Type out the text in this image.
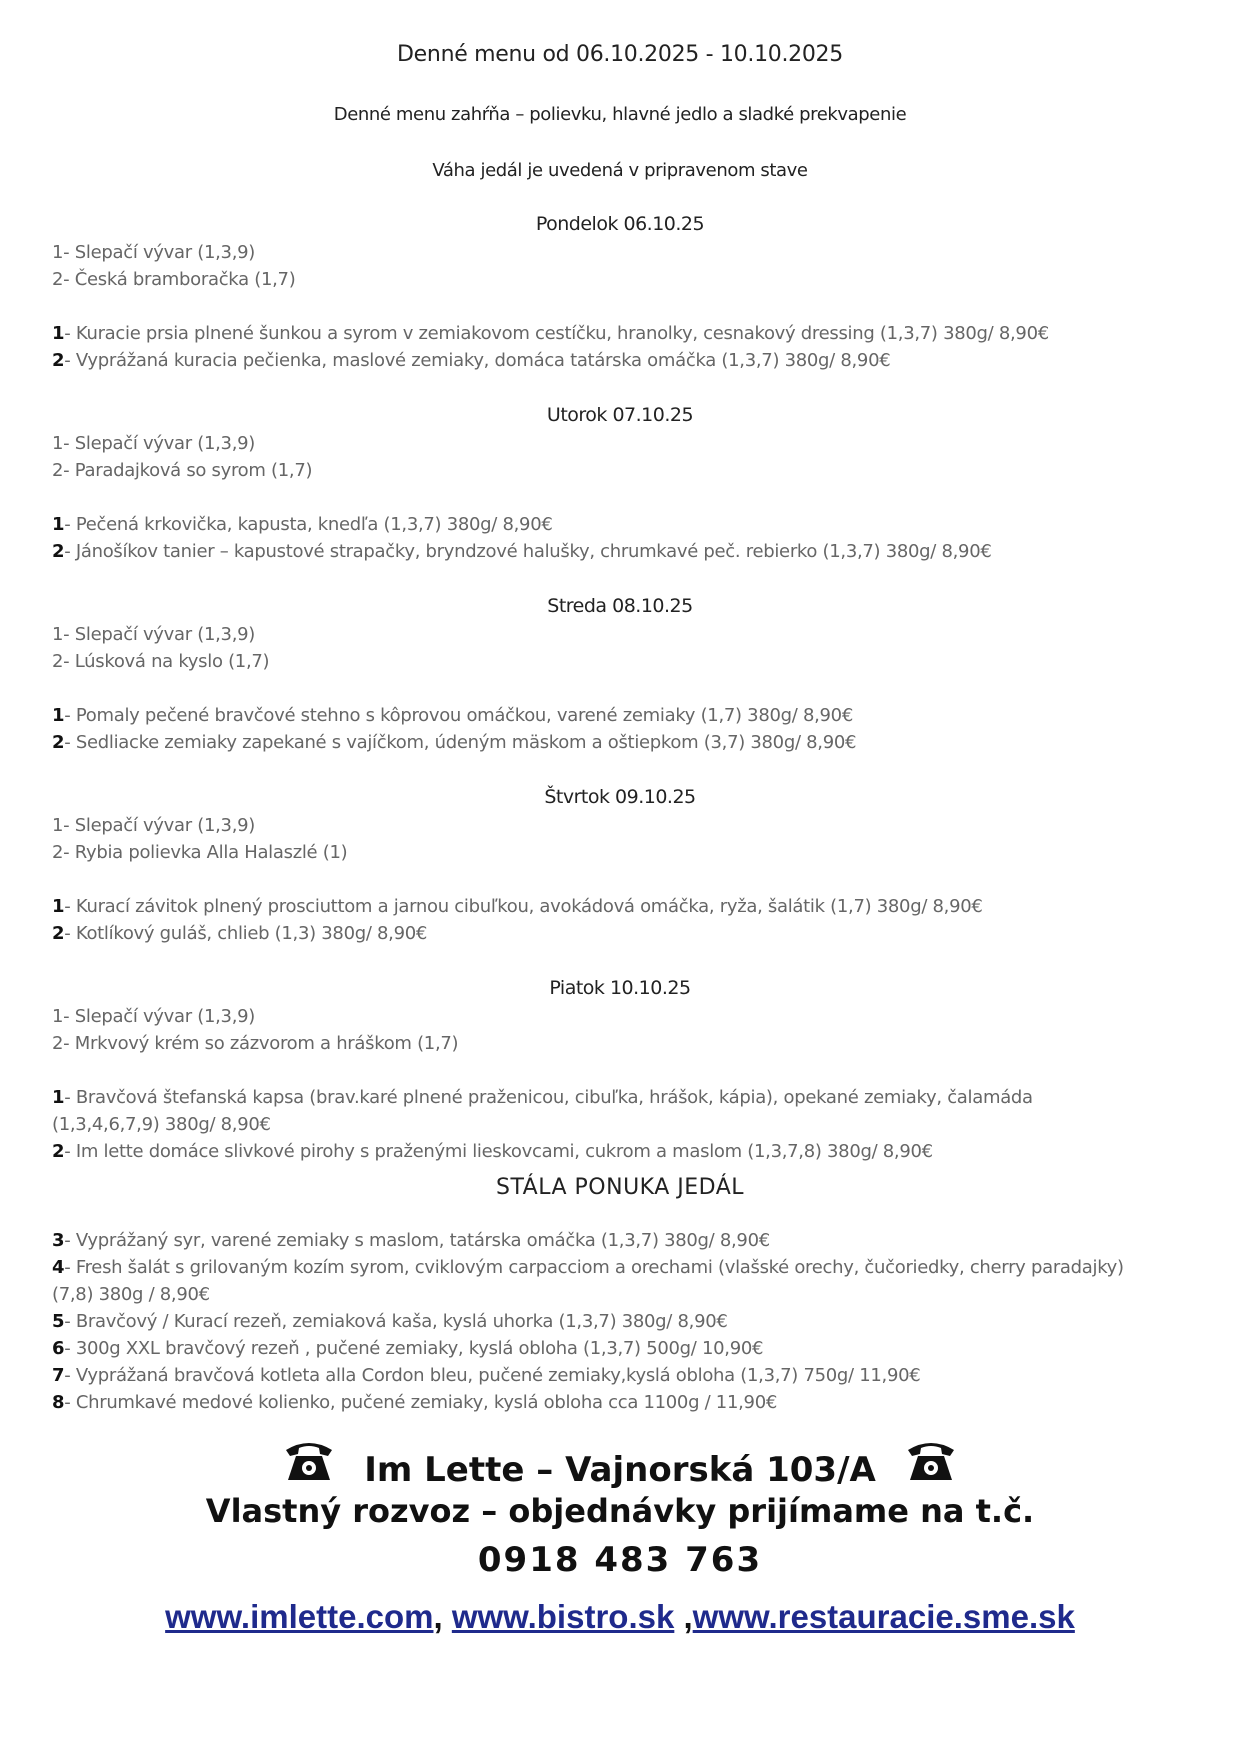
Denné menu od 06.10.2025 - 10.10.2025
Denné menu zahŕňa – polievku, hlavné jedlo a sladké prekvapenie
Váha jedál je uvedená v pripravenom stave
Pondelok 06.10.25
1- Slepačí vývar (1,3,9)
2- Česká bramboračka (1,7)
1- Kuracie prsia plnené šunkou a syrom v zemiakovom cestíčku, hranolky, cesnakový dressing (1,3,7) 380g/ 8,90€
2- Vyprážaná kuracia pečienka, maslové zemiaky, domáca tatárska omáčka (1,3,7) 380g/ 8,90€
Utorok 07.10.25
1- Slepačí vývar (1,3,9)
2- Paradajková so syrom (1,7)
1- Pečená krkovička, kapusta, knedľa (1,3,7) 380g/ 8,90€
2- Jánošíkov tanier – kapustové strapačky, bryndzové halušky, chrumkavé peč. rebierko (1,3,7) 380g/ 8,90€
Streda 08.10.25
1- Slepačí vývar (1,3,9)
2- Lúsková na kyslo (1,7)
1- Pomaly pečené bravčové stehno s kôprovou omáčkou, varené zemiaky (1,7) 380g/ 8,90€
2- Sedliacke zemiaky zapekané s vajíčkom, údeným mäskom a oštiepkom (3,7) 380g/ 8,90€
Štvrtok 09.10.25
1- Slepačí vývar (1,3,9)
2- Rybia polievka Alla Halaszlé (1)
1- Kurací závitok plnený prosciuttom a jarnou cibuľkou, avokádová omáčka, ryža, šalátik (1,7) 380g/ 8,90€
2- Kotlíkový guláš, chlieb (1,3) 380g/ 8,90€
Piatok 10.10.25
1- Slepačí vývar (1,3,9)
2- Mrkvový krém so zázvorom a hráškom (1,7)
1- Bravčová štefanská kapsa (brav.karé plnené praženicou, cibuľka, hrášok, kápia), opekané zemiaky, čalamáda
(1,3,4,6,7,9) 380g/ 8,90€
2- Im lette domáce slivkové pirohy s praženými lieskovcami, cukrom a maslom (1,3,7,8) 380g/ 8,90€
STÁLA PONUKA JEDÁL
3- Vyprážaný syr, varené zemiaky s maslom, tatárska omáčka (1,3,7) 380g/ 8,90€
4- Fresh šalát s grilovaným kozím syrom, cviklovým carpacciom a orechami (vlašské orechy, čučoriedky, cherry paradajky)
(7,8) 380g / 8,90€
5- Bravčový / Kurací rezeň, zemiaková kaša, kyslá uhorka (1,3,7) 380g/ 8,90€
6- 300g XXL bravčový rezeň , pučené zemiaky, kyslá obloha (1,3,7) 500g/ 10,90€
7- Vyprážaná bravčová kotleta alla Cordon bleu, pučené zemiaky,kyslá obloha (1,3,7) 750g/ 11,90€
8- Chrumkavé medové kolienko, pučené zemiaky, kyslá obloha cca 1100g / 11,90€
Im Lette – Vajnorská 103/A
Vlastný rozvoz – objednávky prijímame na t.č.
0918 483 763
www.imlette.com, www.bistro.sk ,www.restauracie.sme.sk
